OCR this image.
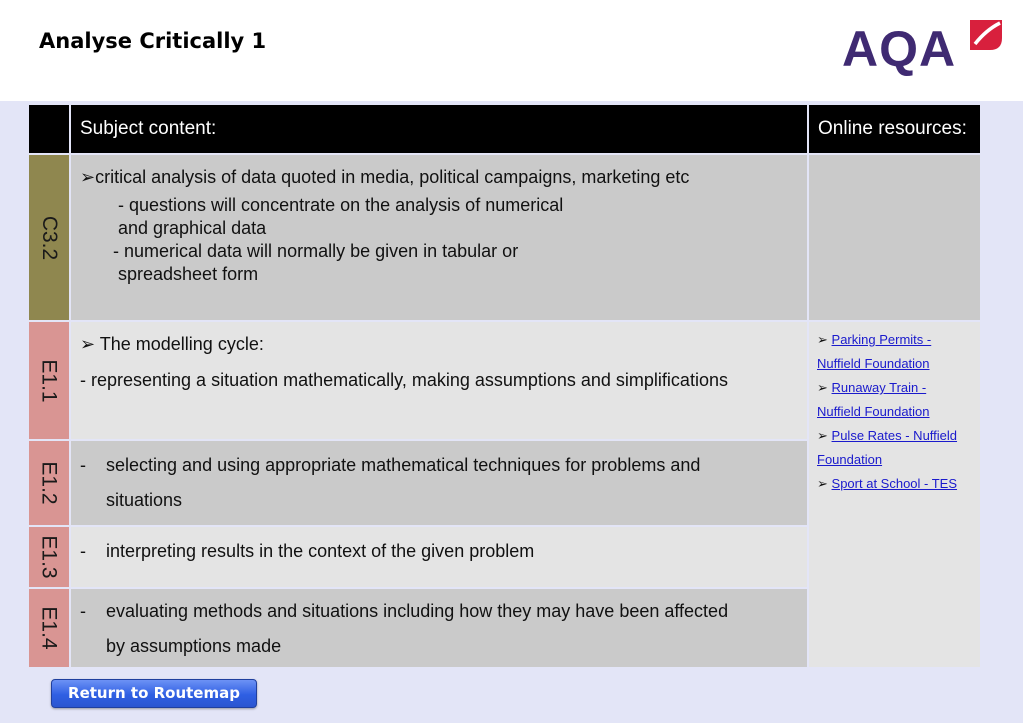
Analyse Critically 1	AQA
Subject content:	Online resources:
C3.2
➢critical analysis of data quoted in media, political campaigns, marketing etc
- questions will concentrate on the analysis of numerical
and graphical data
- numerical data will normally be given in tabular or
spreadsheet form
E1.1
➢ The modelling cycle:
- representing a situation mathematically, making assumptions and simplifications
E1.2 - selecting and using appropriate mathematical techniques for problems and
situations
E1.3 - interpreting results in the context of the given problem
E1.4 - evaluating methods and situations including how they may have been affected
by assumptions made
➢ Parking Permits - Nuffield Foundation
➢ Runaway Train - Nuffield Foundation
➢ Pulse Rates - Nuffield Foundation
➢ Sport at School - TES
Return to Routemap
